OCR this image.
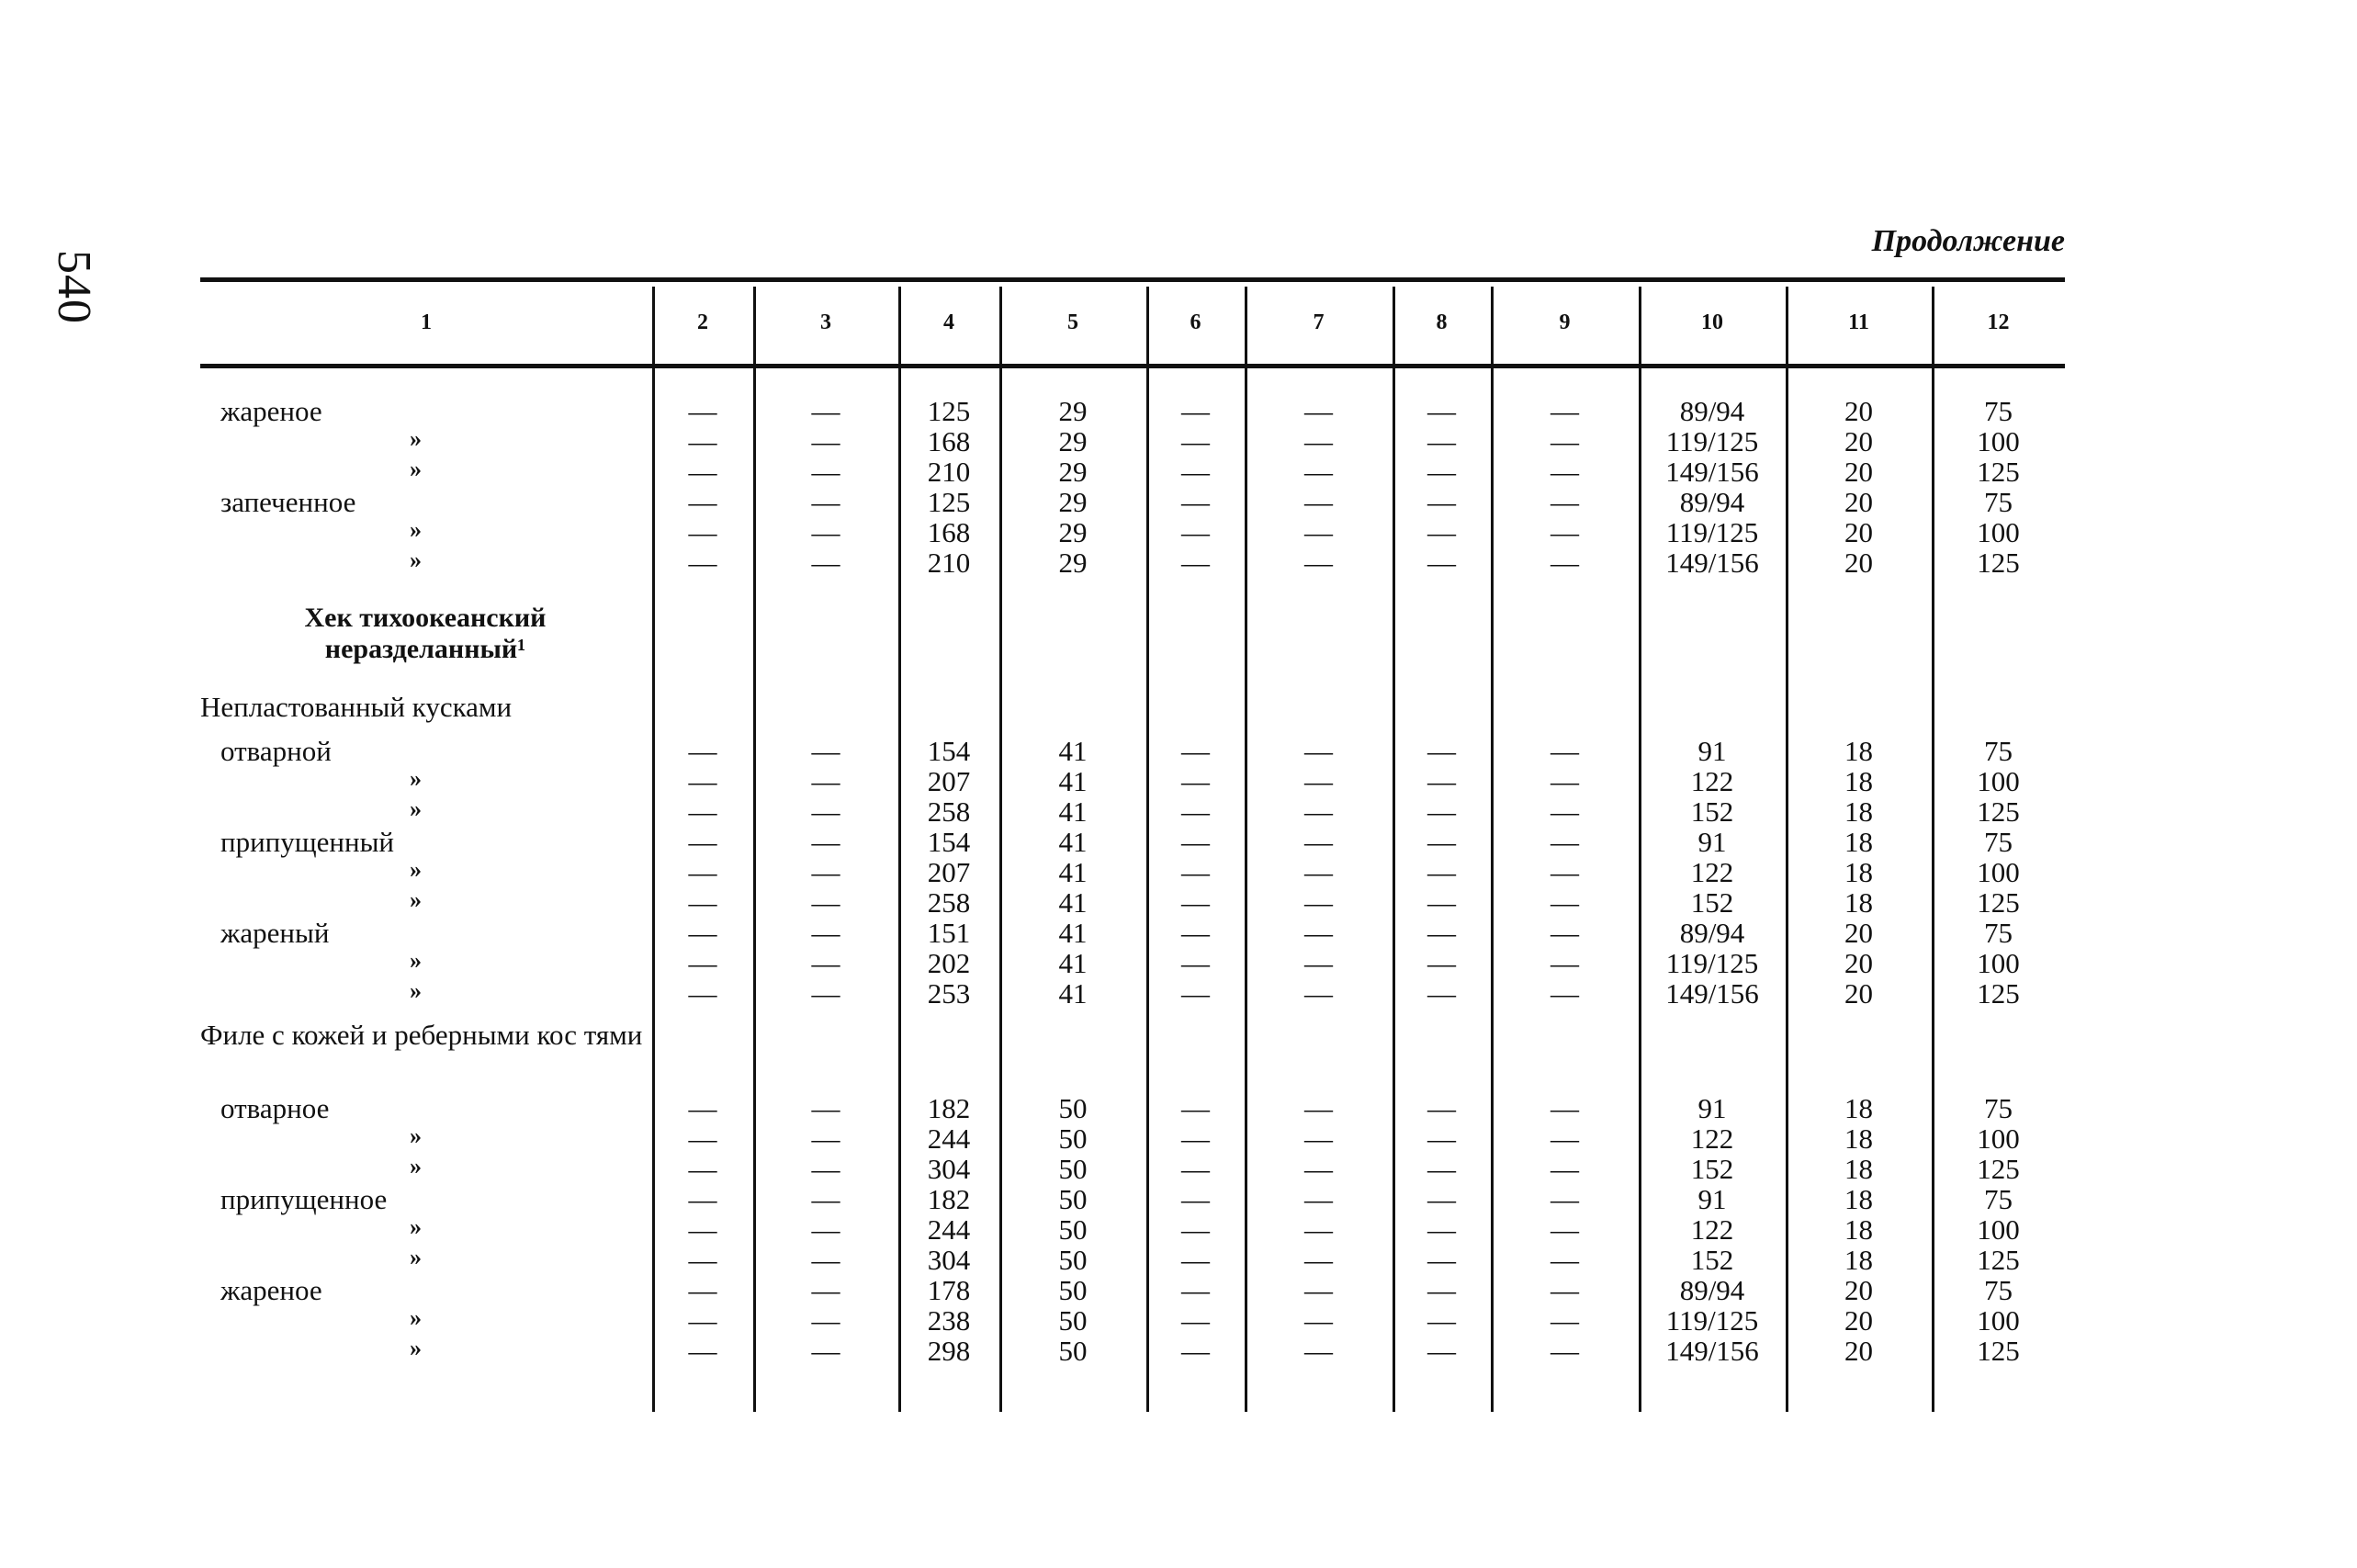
540
Продолжение
1	2	3	4	5	6	7	8	9	10	11	12
жареное	—	—	125	29	—	—	—	—	89/94	20	75
»	—	—	168	29	—	—	—	—	119/125	20	100
»	—	—	210	29	—	—	—	—	149/156	20	125
запеченное	—	—	125	29	—	—	—	—	89/94	20	75
»	—	—	168	29	—	—	—	—	119/125	20	100
»	—	—	210	29	—	—	—	—	149/156	20	125
Хек тихоокеанский неразделанный¹
Непластованный кусками
отварной	—	—	154	41	—	—	—	—	91	18	75
»	—	—	207	41	—	—	—	—	122	18	100
»	—	—	258	41	—	—	—	—	152	18	125
припущенный	—	—	154	41	—	—	—	—	91	18	75
»	—	—	207	41	—	—	—	—	122	18	100
»	—	—	258	41	—	—	—	—	152	18	125
жареный	—	—	151	41	—	—	—	—	89/94	20	75
»	—	—	202	41	—	—	—	—	119/125	20	100
»	—	—	253	41	—	—	—	—	149/156	20	125
Филе с кожей и реберными кос тями
отварное	—	—	182	50	—	—	—	—	91	18	75
»	—	—	244	50	—	—	—	—	122	18	100
»	—	—	304	50	—	—	—	—	152	18	125
припущенное	—	—	182	50	—	—	—	—	91	18	75
»	—	—	244	50	—	—	—	—	122	18	100
»	—	—	304	50	—	—	—	—	152	18	125
жареное	—	—	178	50	—	—	—	—	89/94	20	75
»	—	—	238	50	—	—	—	—	119/125	20	100
»	—	—	298	50	—	—	—	—	149/156	20	125
